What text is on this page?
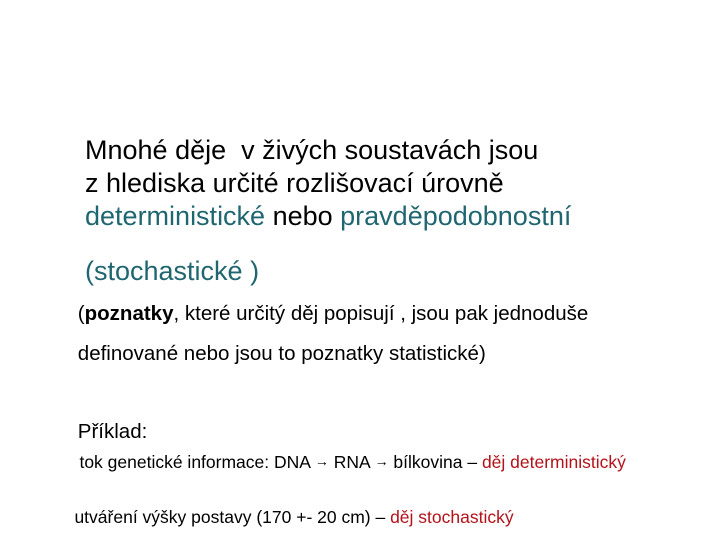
Mnohé děje  v živých soustavách jsou

z hlediska určité rozlišovací úrovně

deterministické nebo pravděpodobnostní

(stochastické )

(poznatky, které určitý děj popisují , jsou pak jednoduše

definované nebo jsou to poznatky statistické)

Příklad:

tok genetické informace: DNA → RNA → bílkovina – děj deterministický

utváření výšky postavy (170 +- 20 cm) – děj stochastický
